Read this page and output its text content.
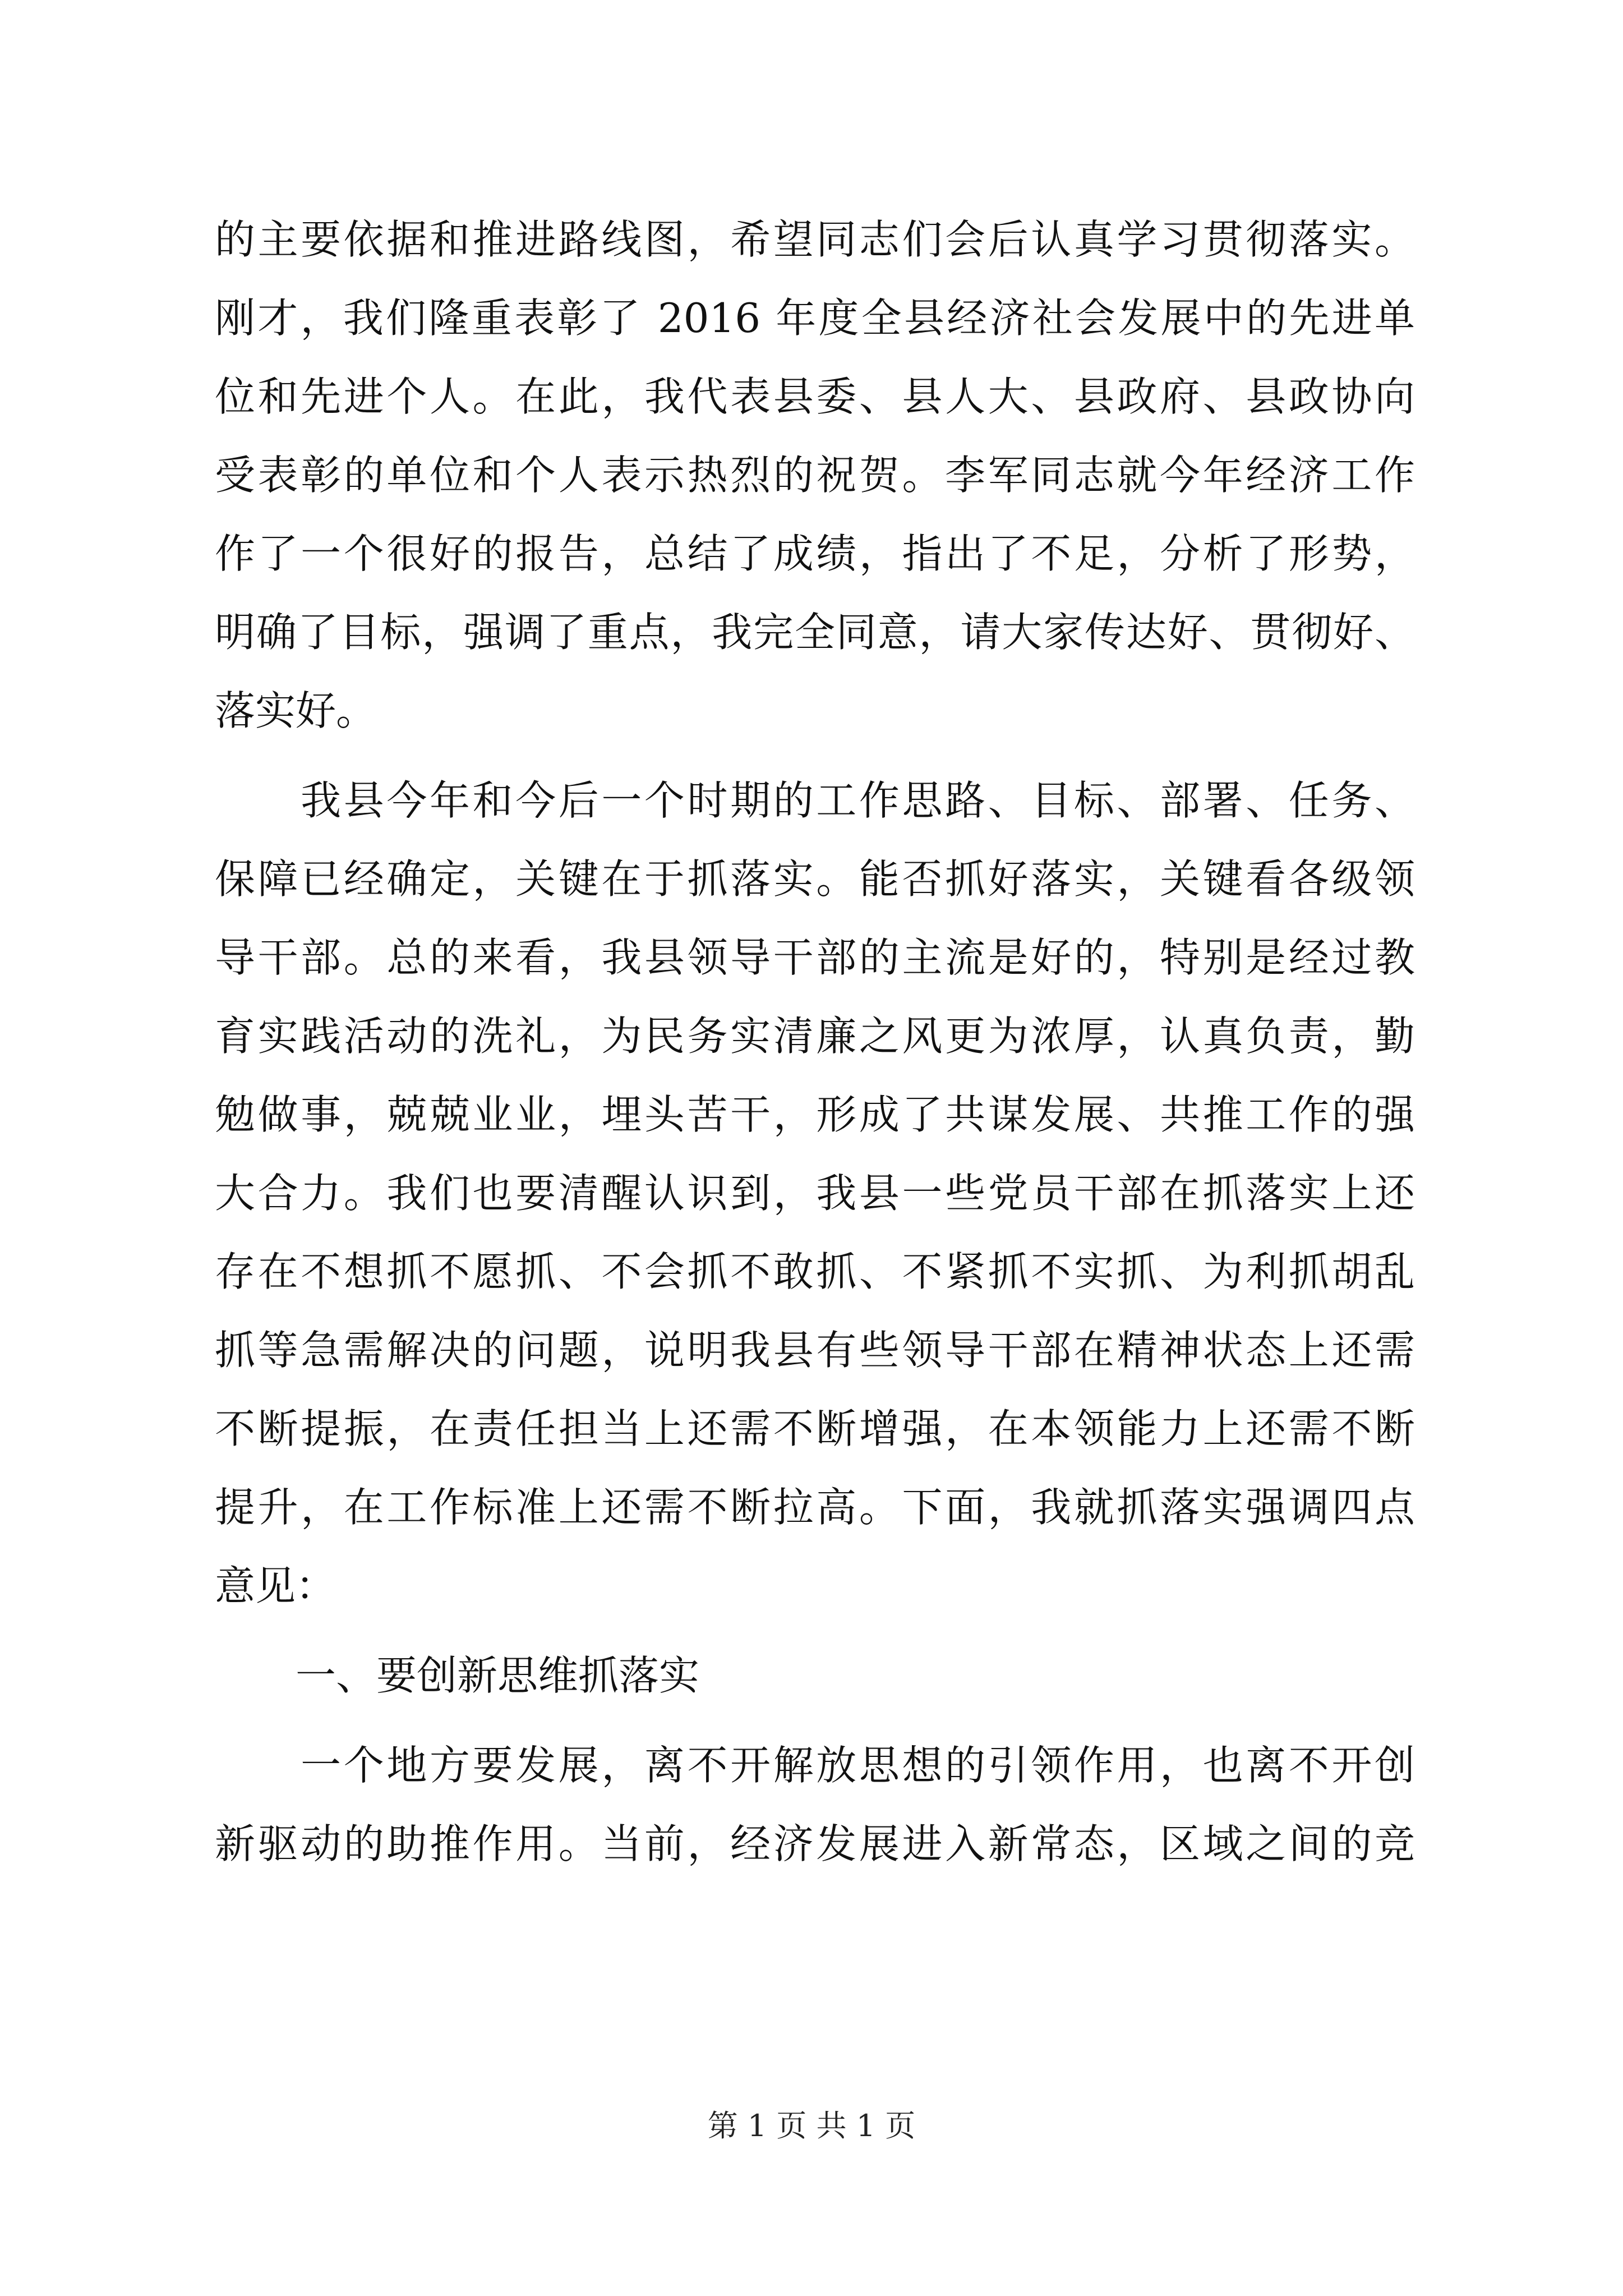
的主要依据和推进路线图，希望同志们会后认真学习贯彻落实。
刚才，我们隆重表彰了 2016 年度全县经济社会发展中的先进单
位和先进个人。在此，我代表县委、县人大、县政府、县政协向
受表彰的单位和个人表示热烈的祝贺。李军同志就今年经济工作
作了一个很好的报告，总结了成绩，指出了不足，分析了形势，
明确了目标，强调了重点，我完全同意，请大家传达好、贯彻好、
落实好。
　　我县今年和今后一个时期的工作思路、目标、部署、任务、
保障已经确定，关键在于抓落实。能否抓好落实，关键看各级领
导干部。总的来看，我县领导干部的主流是好的，特别是经过教
育实践活动的洗礼，为民务实清廉之风更为浓厚，认真负责，勤
勉做事，兢兢业业，埋头苦干，形成了共谋发展、共推工作的强
大合力。我们也要清醒认识到，我县一些党员干部在抓落实上还
存在不想抓不愿抓、不会抓不敢抓、不紧抓不实抓、为利抓胡乱
抓等急需解决的问题，说明我县有些领导干部在精神状态上还需
不断提振，在责任担当上还需不断增强，在本领能力上还需不断
提升，在工作标准上还需不断拉高。下面，我就抓落实强调四点
意见：
　　一、要创新思维抓落实
　　一个地方要发展，离不开解放思想的引领作用，也离不开创
新驱动的助推作用。当前，经济发展进入新常态，区域之间的竞
第 1 页 共 1 页
